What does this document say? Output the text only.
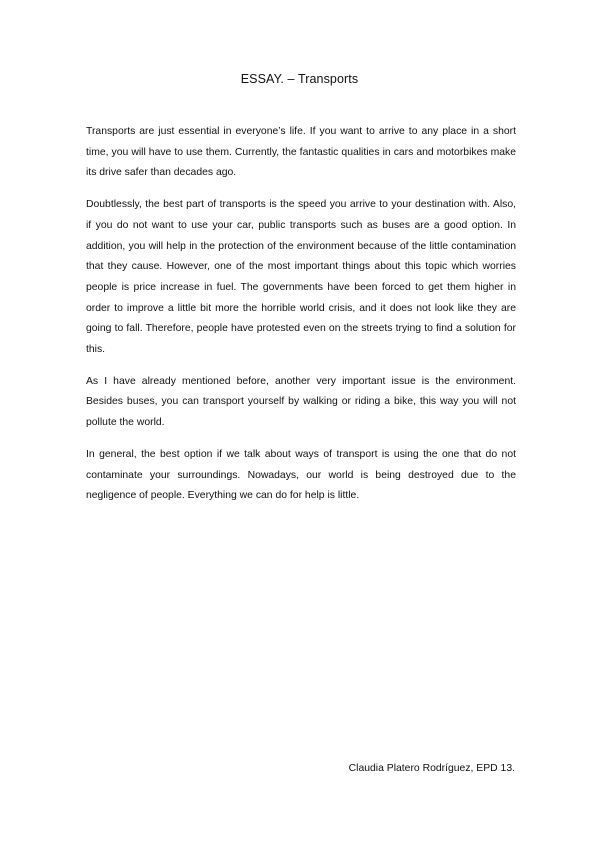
ESSAY. – Transports

Transports are just essential in everyone’s life. If you want to arrive to any place in a short time, you will have to use them. Currently, the fantastic qualities in cars and motorbikes make its drive safer than decades ago.

Doubtlessly, the best part of transports is the speed you arrive to your destination with. Also, if you do not want to use your car, public transports such as buses are a good option. In addition, you will help in the protection of the environment because of the little contamination that they cause. However, one of the most important things about this topic which worries people is price increase in fuel. The governments have been forced to get them higher in order to improve a little bit more the horrible world crisis, and it does not look like they are going to fall. Therefore, people have protested even on the streets trying to find a solution for this.

As I have already mentioned before, another very important issue is the environment. Besides buses, you can transport yourself by walking or riding a bike, this way you will not pollute the world.

In general, the best option if we talk about ways of transport is using the one that do not contaminate your surroundings. Nowadays, our world is being destroyed due to the negligence of people. Everything we can do for help is little.

Claudia Platero Rodríguez, EPD 13.
